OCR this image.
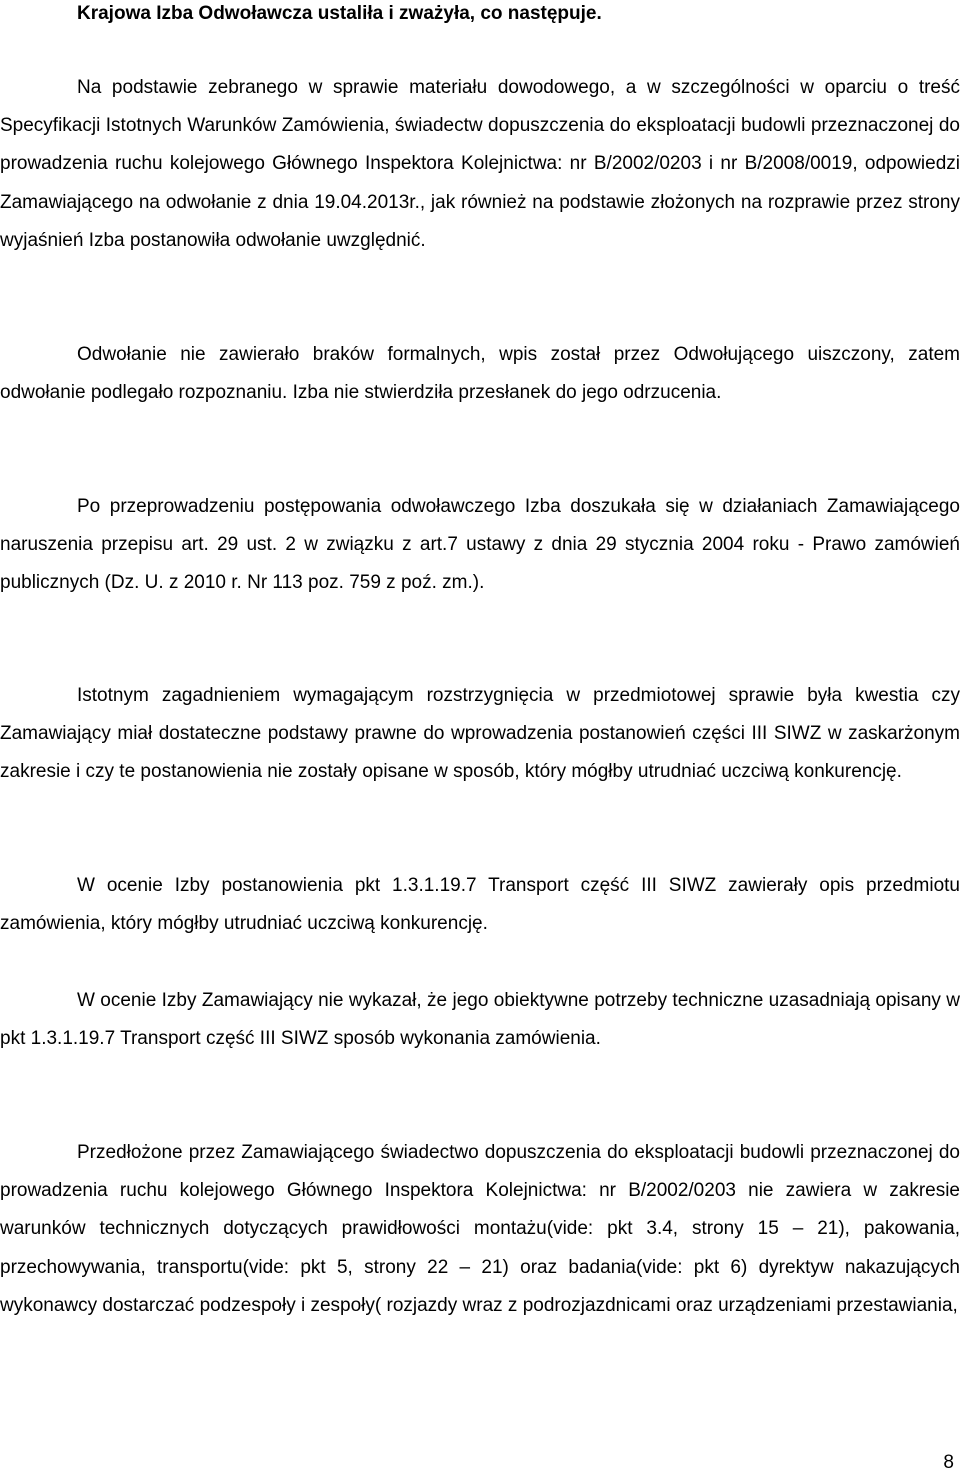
Krajowa Izba Odwoławcza ustaliła i zważyła, co następuje.

Na podstawie zebranego w sprawie materiału dowodowego, a w szczególności w oparciu o treść Specyfikacji Istotnych Warunków Zamówienia, świadectw dopuszczenia do eksploatacji budowli przeznaczonej do prowadzenia ruchu kolejowego Głównego Inspektora Kolejnictwa: nr B/2002/0203 i nr B/2008/0019, odpowiedzi Zamawiającego na odwołanie z dnia 19.04.2013r., jak również na podstawie złożonych na rozprawie przez strony wyjaśnień Izba postanowiła odwołanie uwzględnić.

Odwołanie nie zawierało braków formalnych, wpis został przez Odwołującego uiszczony, zatem odwołanie podlegało rozpoznaniu. Izba nie stwierdziła przesłanek do jego odrzucenia.

Po przeprowadzeniu postępowania odwoławczego Izba doszukała się w działaniach Zamawiającego naruszenia przepisu art. 29 ust. 2 w związku z art.7 ustawy z dnia 29 stycznia 2004 roku - Prawo zamówień publicznych (Dz. U. z 2010 r. Nr 113 poz. 759 z poź. zm.).

Istotnym zagadnieniem wymagającym rozstrzygnięcia w przedmiotowej sprawie była kwestia czy Zamawiający miał dostateczne podstawy prawne do wprowadzenia postanowień części III SIWZ w zaskarżonym zakresie i czy te postanowienia nie zostały opisane w sposób, który mógłby utrudniać uczciwą konkurencję.

W ocenie Izby postanowienia pkt 1.3.1.19.7 Transport część III SIWZ zawierały opis przedmiotu zamówienia, który mógłby utrudniać uczciwą konkurencję.

W ocenie Izby Zamawiający nie wykazał, że jego obiektywne potrzeby techniczne uzasadniają opisany w pkt 1.3.1.19.7 Transport część III SIWZ sposób wykonania zamówienia.

Przedłożone przez Zamawiającego świadectwo dopuszczenia do eksploatacji budowli przeznaczonej do prowadzenia ruchu kolejowego Głównego Inspektora Kolejnictwa: nr B/2002/0203 nie zawiera w zakresie warunków technicznych dotyczących prawidłowości montażu(vide: pkt 3.4, strony 15 – 21), pakowania, przechowywania, transportu(vide: pkt 5, strony 22 – 21) oraz badania(vide: pkt 6) dyrektyw nakazujących wykonawcy dostarczać podzespoły i zespoły( rozjazdy wraz z podrozjazdnicami oraz urządzeniami przestawiania,

8
